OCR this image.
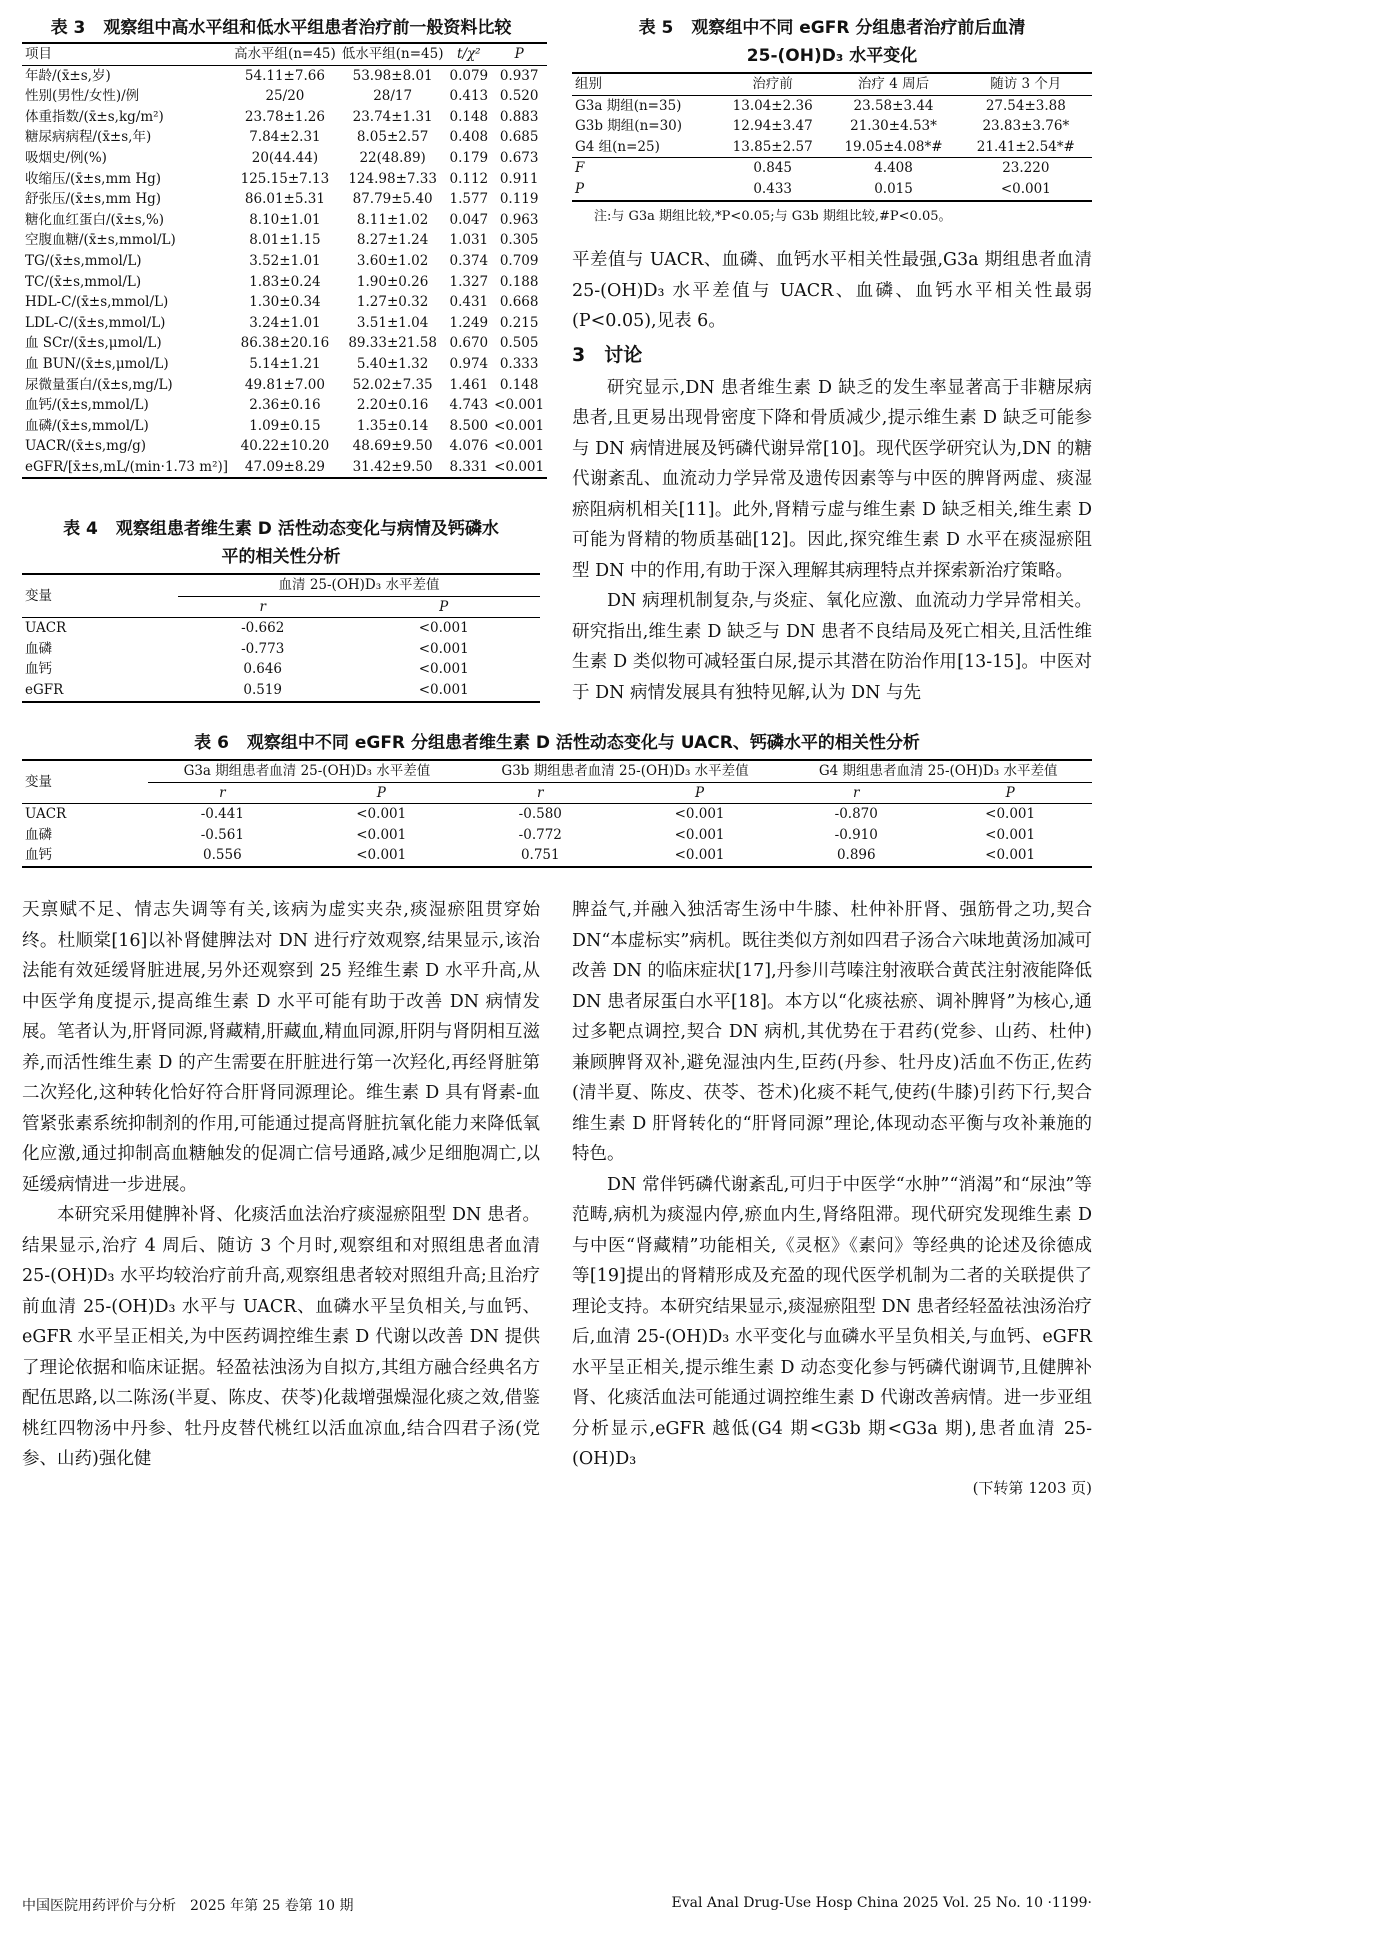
表 3 观察组中高水平组和低水平组患者治疗前一般资料比较
项目	高水平组(n=45)	低水平组(n=45)	t/χ²	P
年龄/(x̄±s,岁)	54.11±7.66	53.98±8.01	0.079	0.937
性别(男性/女性)/例	25/20	28/17	0.413	0.520
体重指数/(x̄±s,kg/m²)	23.78±1.26	23.74±1.31	0.148	0.883
糖尿病病程/(x̄±s,年)	7.84±2.31	8.05±2.57	0.408	0.685
吸烟史/例(%)	20(44.44)	22(48.89)	0.179	0.673
收缩压/(x̄±s,mm Hg)	125.15±7.13	124.98±7.33	0.112	0.911
舒张压/(x̄±s,mm Hg)	86.01±5.31	87.79±5.40	1.577	0.119
糖化血红蛋白/(x̄±s,%)	8.10±1.01	8.11±1.02	0.047	0.963
空腹血糖/(x̄±s,mmol/L)	8.01±1.15	8.27±1.24	1.031	0.305
TG/(x̄±s,mmol/L)	3.52±1.01	3.60±1.02	0.374	0.709
TC/(x̄±s,mmol/L)	1.83±0.24	1.90±0.26	1.327	0.188
HDL-C/(x̄±s,mmol/L)	1.30±0.34	1.27±0.32	0.431	0.668
LDL-C/(x̄±s,mmol/L)	3.24±1.01	3.51±1.04	1.249	0.215
血 SCr/(x̄±s,μmol/L)	86.38±20.16	89.33±21.58	0.670	0.505
血 BUN/(x̄±s,μmol/L)	5.14±1.21	5.40±1.32	0.974	0.333
尿微量蛋白/(x̄±s,mg/L)	49.81±7.00	52.02±7.35	1.461	0.148
血钙/(x̄±s,mmol/L)	2.36±0.16	2.20±0.16	4.743	<0.001
血磷/(x̄±s,mmol/L)	1.09±0.15	1.35±0.14	8.500	<0.001
UACR/(x̄±s,mg/g)	40.22±10.20	48.69±9.50	4.076	<0.001
eGFR/[x̄±s,mL/(min·1.73 m²)]	47.09±8.29	31.42±9.50	8.331	<0.001
表 4 观察组患者维生素 D 活性动态变化与病情及钙磷水
平的相关性分析
变量	血清 25-(OH)D₃ 水平差值	
	r	P
UACR	-0.662	<0.001
血磷	-0.773	<0.001
血钙	0.646	<0.001
eGFR	0.519	<0.001
表 5 观察组中不同 eGFR 分组患者治疗前后血清
25-(OH)D₃ 水平变化
组别	治疗前	治疗 4 周后	随访 3 个月
G3a 期组(n=35)	13.04±2.36	23.58±3.44	27.54±3.88
G3b 期组(n=30)	12.94±3.47	21.30±4.53*	23.83±3.76*
G4 组(n=25)	13.85±2.57	19.05±4.08*#	21.41±2.54*#
F	0.845	4.408	23.220
P	0.433	0.015	<0.001
注:与 G3a 期组比较,*P<0.05;与 G3b 期组比较,#P<0.05。

平差值与 UACR、血磷、血钙水平相关性最强,G3a 期组患者血清 25-(OH)D₃ 水平差值与 UACR、血磷、血钙水平相关性最弱(P<0.05),见表 6。

3　讨论

研究显示,DN 患者维生素 D 缺乏的发生率显著高于非糖尿病患者,且更易出现骨密度下降和骨质减少,提示维生素 D 缺乏可能参与 DN 病情进展及钙磷代谢异常[10]。现代医学研究认为,DN 的糖代谢紊乱、血流动力学异常及遗传因素等与中医的脾肾两虚、痰湿瘀阻病机相关[11]。此外,肾精亏虚与维生素 D 缺乏相关,维生素 D 可能为肾精的物质基础[12]。因此,探究维生素 D 水平在痰湿瘀阻型 DN 中的作用,有助于深入理解其病理特点并探索新治疗策略。

DN 病理机制复杂,与炎症、氧化应激、血流动力学异常相关。研究指出,维生素 D 缺乏与 DN 患者不良结局及死亡相关,且活性维生素 D 类似物可减轻蛋白尿,提示其潜在防治作用[13-15]。中医对于 DN 病情发展具有独特见解,认为 DN 与先

表 6 观察组中不同 eGFR 分组患者维生素 D 活性动态变化与 UACR、钙磷水平的相关性分析
变量	G3a 期组患者血清 25-(OH)D₃ 水平差值		G3b 期组患者血清 25-(OH)D₃ 水平差值		G4 期组患者血清 25-(OH)D₃ 水平差值	
	r	P	r	P	r	P
UACR	-0.441	<0.001	-0.580	<0.001	-0.870	<0.001
血磷	-0.561	<0.001	-0.772	<0.001	-0.910	<0.001
血钙	0.556	<0.001	0.751	<0.001	0.896	<0.001

天禀赋不足、情志失调等有关,该病为虚实夹杂,痰湿瘀阻贯穿始终。杜顺棠[16]以补肾健脾法对 DN 进行疗效观察,结果显示,该治法能有效延缓肾脏进展,另外还观察到 25 羟维生素 D 水平升高,从中医学角度提示,提高维生素 D 水平可能有助于改善 DN 病情发展。笔者认为,肝肾同源,肾藏精,肝藏血,精血同源,肝阴与肾阴相互滋养,而活性维生素 D 的产生需要在肝脏进行第一次羟化,再经肾脏第二次羟化,这种转化恰好符合肝肾同源理论。维生素 D 具有肾素-血管紧张素系统抑制剂的作用,可能通过提高肾脏抗氧化能力来降低氧化应激,通过抑制高血糖触发的促凋亡信号通路,减少足细胞凋亡,以延缓病情进一步进展。

本研究采用健脾补肾、化痰活血法治疗痰湿瘀阻型 DN 患者。结果显示,治疗 4 周后、随访 3 个月时,观察组和对照组患者血清 25-(OH)D₃ 水平均较治疗前升高,观察组患者较对照组升高;且治疗前血清 25-(OH)D₃ 水平与 UACR、血磷水平呈负相关,与血钙、eGFR 水平呈正相关,为中医药调控维生素 D 代谢以改善 DN 提供了理论依据和临床证据。轻盈祛浊汤为自拟方,其组方融合经典名方配伍思路,以二陈汤(半夏、陈皮、茯苓)化裁增强燥湿化痰之效,借鉴桃红四物汤中丹参、牡丹皮替代桃红以活血凉血,结合四君子汤(党参、山药)强化健

脾益气,并融入独活寄生汤中牛膝、杜仲补肝肾、强筋骨之功,契合 DN“本虚标实”病机。既往类似方剂如四君子汤合六味地黄汤加减可改善 DN 的临床症状[17],丹参川芎嗪注射液联合黄芪注射液能降低 DN 患者尿蛋白水平[18]。本方以“化痰祛瘀、调补脾肾”为核心,通过多靶点调控,契合 DN 病机,其优势在于君药(党参、山药、杜仲)兼顾脾肾双补,避免湿浊内生,臣药(丹参、牡丹皮)活血不伤正,佐药(清半夏、陈皮、茯苓、苍术)化痰不耗气,使药(牛膝)引药下行,契合维生素 D 肝肾转化的“肝肾同源”理论,体现动态平衡与攻补兼施的特色。

DN 常伴钙磷代谢紊乱,可归于中医学“水肿”“消渴”和“尿浊”等范畴,病机为痰湿内停,瘀血内生,肾络阻滞。现代研究发现维生素 D 与中医“肾藏精”功能相关,《灵枢》《素问》等经典的论述及徐德成等[19]提出的肾精形成及充盈的现代医学机制为二者的关联提供了理论支持。本研究结果显示,痰湿瘀阻型 DN 患者经轻盈祛浊汤治疗后,血清 25-(OH)D₃ 水平变化与血磷水平呈负相关,与血钙、eGFR 水平呈正相关,提示维生素 D 动态变化参与钙磷代谢调节,且健脾补肾、化痰活血法可能通过调控维生素 D 代谢改善病情。进一步亚组分析显示,eGFR 越低(G4 期<G3b 期<G3a 期),患者血清 25-(OH)D₃

(下转第 1203 页)
中国医院用药评价与分析　2025 年第 25 卷第 10 期	Eval Anal Drug-Use Hosp China 2025 Vol. 25 No. 10 ·1199·
